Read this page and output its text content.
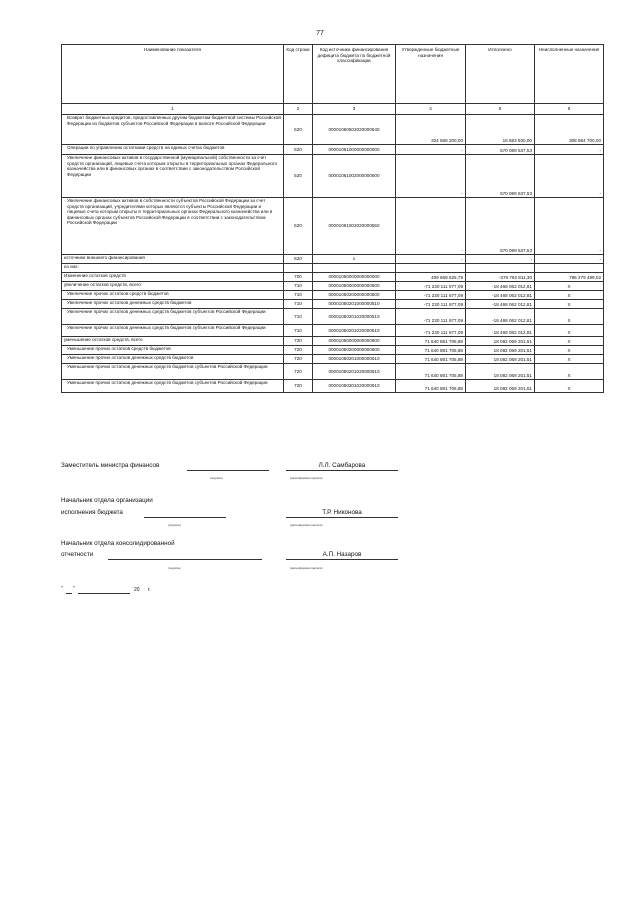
77
Наименование показателя	Код строки	Код источника финансирования дефицита бюджета по бюджетной классификации	Утвержденные бюджетные назначения	Исполнено	Неисполненные назначения
1	2	3	4	5	6
Возврат бюджетных кредитов, предоставленных другим бюджетам бюджетной системы Российской Федерации из бюджетов субъектов Российской Федерации в валюте Российской Федерации	520	00001060502020000640	324 568 200,00	15 683 500,00	308 884 700,00
Операции по управлению остатками средств на единых счетах бюджетов	520	00001061000000000000	-	570 089 537,53	-
Увеличение финансовых активов в государственной (муниципальной) собственности за счет средств организаций, лицевые счета которым открыты в территориальных органах Федерального казначейства или в финансовых органах в соответствии с законодательством Российской Федерации	520	00001061002000000500	-	570 089 537,53	-
Увеличение финансовых активов в собственности субъектов Российской Федерации за счет средств организаций, учредителями которых являются субъекты Российской Федерации и лицевые счета которым открыты в территориальных органах Федерального казначейства или в финансовых органах субъектов Российской Федерации в соответствии с законодательством Российской Федерации	520	00001061002020000550	-	570 089 537,53	-
источники внешнего финансирования	620	x	-	-	-
из них:					
Изменение остатков средств	700	00001050000000000000	409 669 625,79	-376 792 811,30	786 279 489,02
увеличение остатков средств, всего	710	00001050000000000500	-71 230 111 677,09	-18 468 062 012,81	X
Увеличение прочих остатков средств бюджетов	710	00001050200000000500	-71 230 111 677,09	-18 468 062 012,81	X
Увеличение прочих остатков денежных средств бюджетов	710	00001050201000000510	-71 230 111 677,09	-18 468 062 012,81	X
Увеличение прочих остатков денежных средств бюджетов субъектов Российской Федерации	710	00001050201020000510	-71 230 111 677,09	-18 468 062 012,81	X
Увеличение прочих остатков денежных средств бюджетов субъектов Российской Федерации	710	00001050201020000510	-71 230 111 677,09	-18 468 062 012,81	X
уменьшение остатков средств, всего	720	00001050000000000600	71 640 881 705,88	18 082 069 201,51	X
Уменьшение прочих остатков средств бюджетов	720	00001050200000000600	71 640 881 705,88	18 082 069 201,51	X
Уменьшение прочих остатков денежных средств бюджетов	720	00001050201000000610	71 640 881 705,88	18 082 069 201,51	X
Уменьшение прочих остатков денежных средств бюджетов субъектов Российской Федерации	720	00001050201020000610	71 640 881 705,88	18 082 069 201,51	X
Уменьшение прочих остатков денежных средств бюджетов субъектов Российской Федерации	720	00001050201020000610	71 640 881 705,88	18 082 069 201,51	X
Заместитель министра финансов	Л.Л. Самбарова
(подпись)	(расшифровка подписи)
Начальник отдела организации
исполнения бюджета	Т.Р. Никонова
(подпись)	(расшифровка подписи)
Начальник отдела консолидированной
отчетности	А.П. Назаров
(подпись)	(расшифровка подписи)
" "	20 г.
